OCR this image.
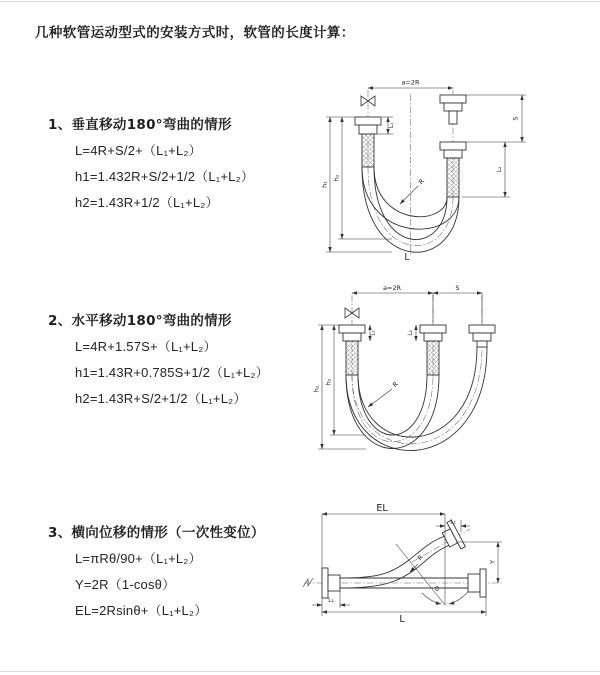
几种软管运动型式的安装方式时，软管的长度计算：
1、垂直移动180°弯曲的情形
L=4R+S/2+（L₁+L₂）
h1=1.432R+S/2+1/2（L₁+L₂）
h2=1.43R+1/2（L₁+L₂）
2、水平移动180°弯曲的情形
L=4R+1.57S+（L₁+L₂）
h1=1.43R+0.785S+1/2（L₁+L₂）
h2=1.43R+S/2+1/2（L₁+L₂）
3、横向位移的情形（一次性变位）
L=πRθ/90+（L₁+L₂）
Y=2R（1-cosθ）
EL=2Rsinθ+（L₁+L₂）
a=2R
S
L₂
h₁
h₂
L₁
R
L
a=2R	S
h₁
h₂
L₁	L₂
R
EL
L₂
R	Y
θ
L
L₁
